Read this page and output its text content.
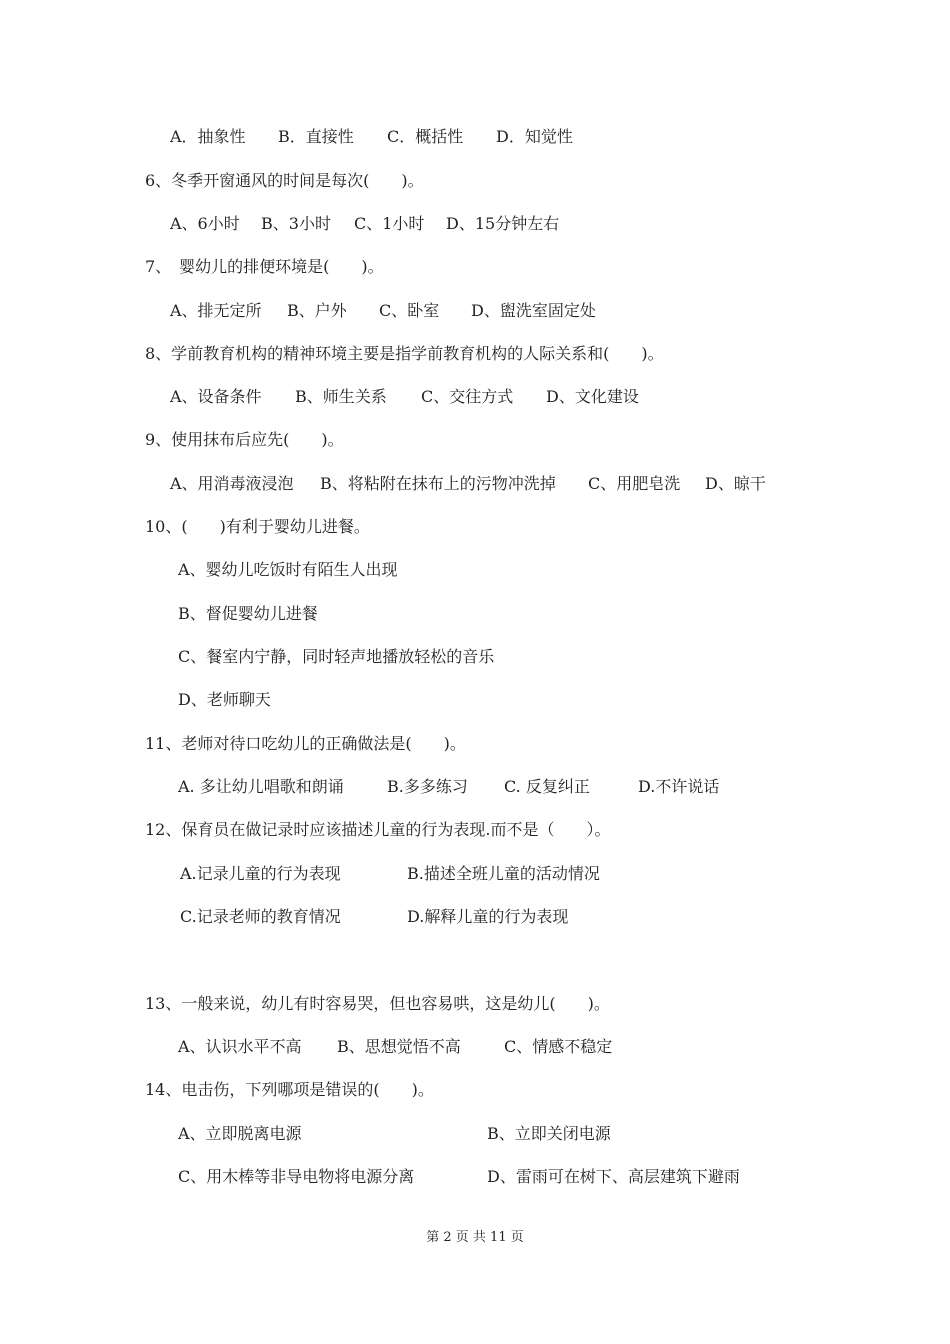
A．抽象性 B．直接性 C．概括性 D．知觉性
6、冬季开窗通风的时间是每次(　　)。
A、6小时 B、3小时 C、1小时 D、15分钟左右
7、　婴幼儿的排便环境是(　　)。
A、排无定所 B、户外 C、卧室 D、盥洗室固定处
8、学前教育机构的精神环境主要是指学前教育机构的人际关系和(　　)。
A、设备条件 B、师生关系 C、交往方式 D、文化建设
9、使用抹布后应先(　　)。
A、用消毒液浸泡 B、将粘附在抹布上的污物冲洗掉 C、用肥皂洗 D、晾干
10、(　　)有利于婴幼儿进餐。
A、婴幼儿吃饭时有陌生人出现
B、督促婴幼儿进餐
C、餐室内宁静，同时轻声地播放轻松的音乐
D、老师聊天
11、老师对待口吃幼儿的正确做法是(　　)。
A. 多让幼儿唱歌和朗诵	B.多多练习 C. 反复纠正	D.不许说话
12、保育员在做记录时应该描述儿童的行为表现.而不是（　　）。
A.记录儿童的行为表现	B.描述全班儿童的活动情况
C.记录老师的教育情况	D.解释儿童的行为表现
13、一般来说，幼儿有时容易哭，但也容易哄，这是幼儿(　　)。
A、认识水平不高 B、思想觉悟不高	C、情感不稳定
14、电击伤，下列哪项是错误的(　　)。
A、立即脱离电源	B、立即关闭电源
C、用木棒等非导电物将电源分离	D、雷雨可在树下、高层建筑下避雨
第 2 页 共 11 页
